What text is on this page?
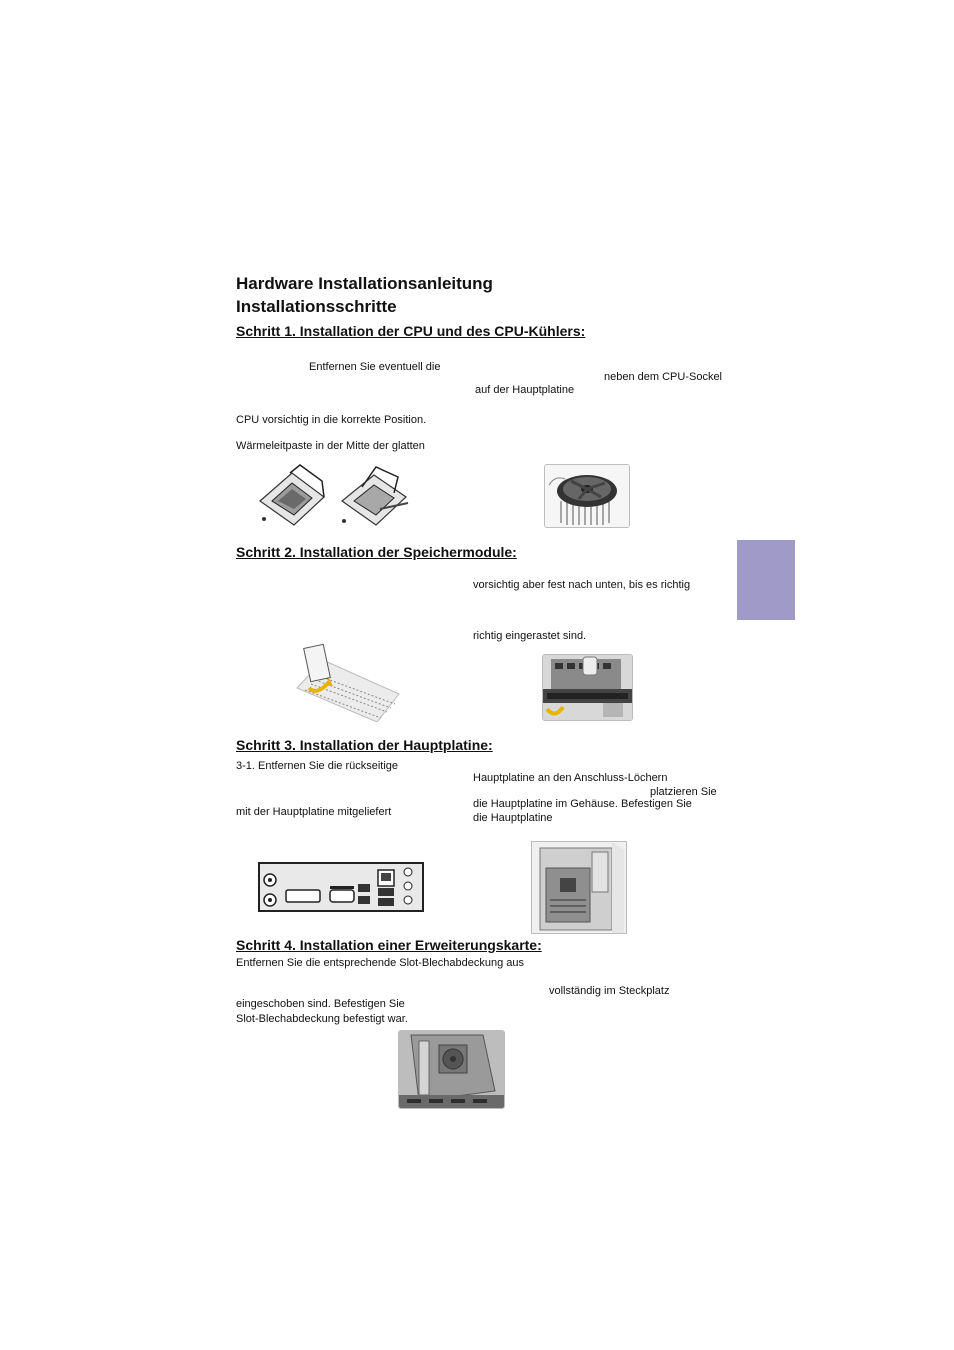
Hardware Installationsanleitung
Installationsschritte
Schritt 1. Installation der CPU und des CPU-Kühlers:
Entfernen Sie eventuell die
neben dem CPU-Sockel
auf der Hauptplatine
CPU vorsichtig in die korrekte Position.
Wärmeleitpaste in der Mitte der glatten
Schritt 2. Installation der Speichermodule:
vorsichtig aber fest nach unten, bis es richtig
richtig eingerastet sind.
Schritt 3. Installation der Hauptplatine:
3-1. Entfernen Sie die rückseitige
Hauptplatine an den Anschluss-Löchern
platzieren Sie
die Hauptplatine im Gehäuse. Befestigen Sie
mit der Hauptplatine mitgeliefert	die Hauptplatine
Schritt 4. Installation einer Erweiterungskarte:
Entfernen Sie die entsprechende Slot-Blechabdeckung aus
vollständig im Steckplatz
eingeschoben sind. Befestigen Sie
Slot-Blechabdeckung befestigt war.
